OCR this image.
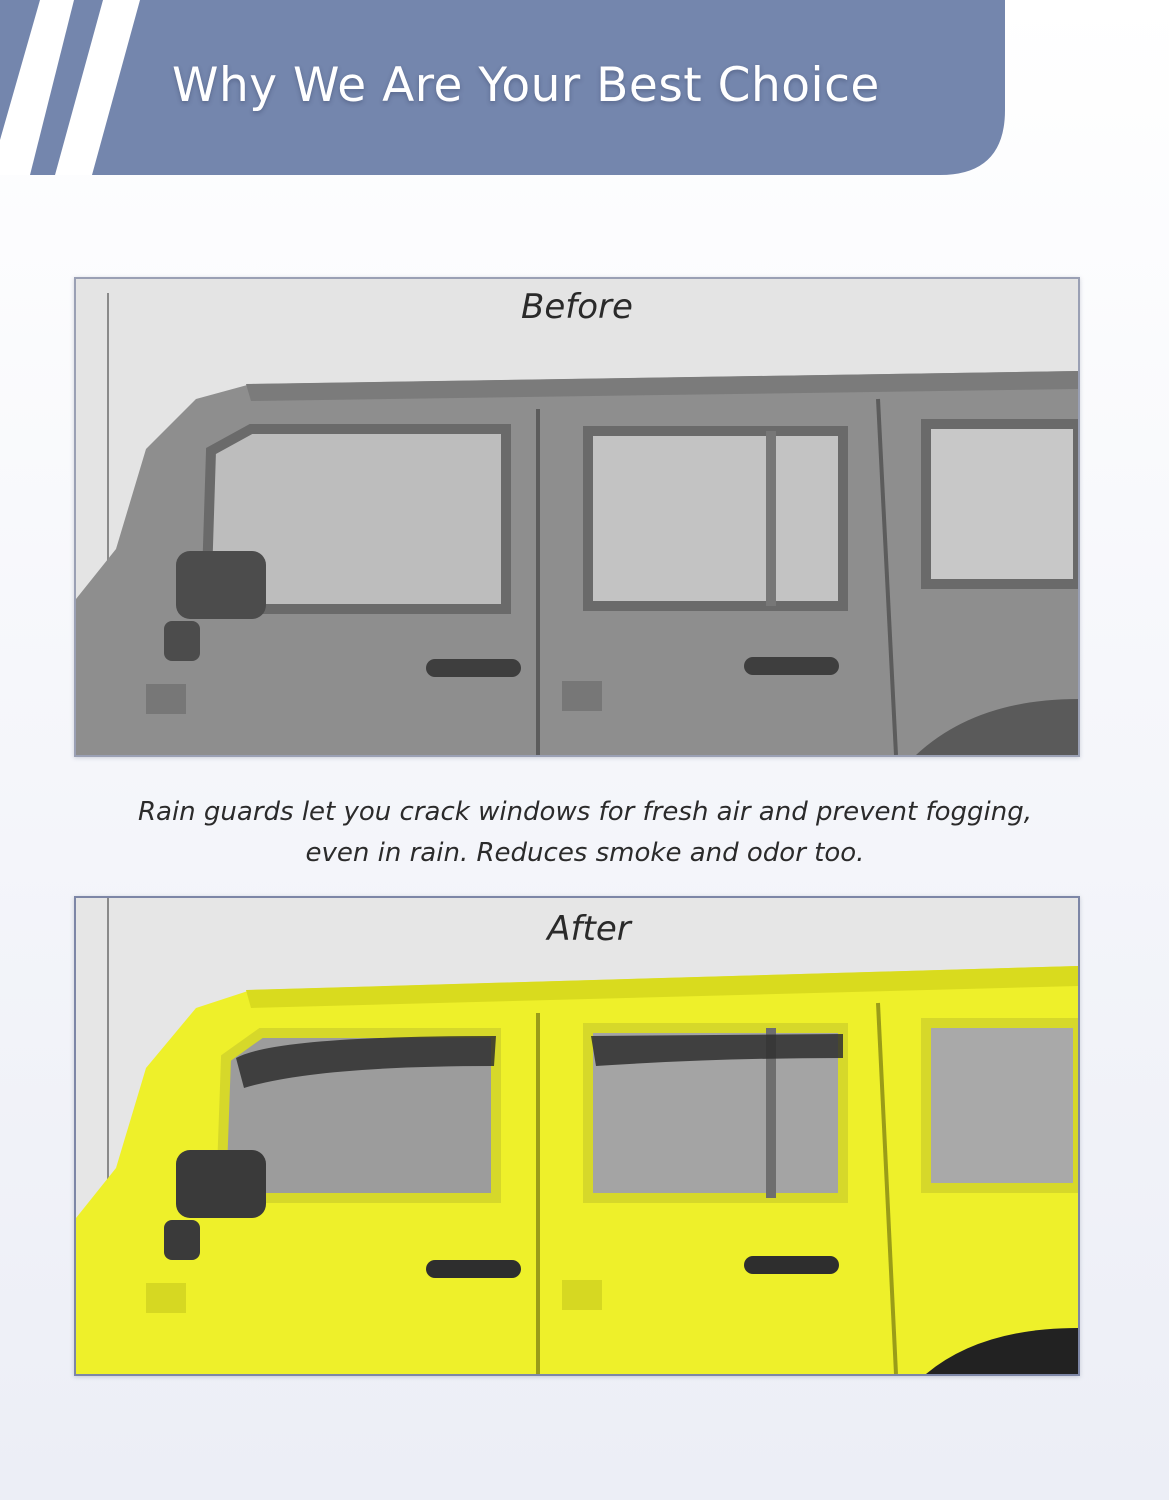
Why We Are Your Best Choice
Before
Rain guards let you crack windows for fresh air and prevent fogging,
even in rain. Reduces smoke and odor too.
After
